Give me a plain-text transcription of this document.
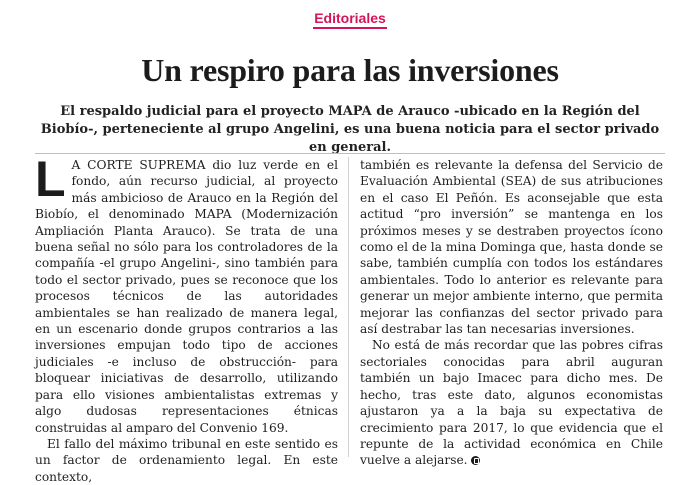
Editoriales
Un respiro para las inversiones
El respaldo judicial para el proyecto MAPA de Arauco -ubicado en la Región del Biobío-, perteneciente al grupo Angelini, es una buena noticia para el sector privado en general.

L A CORTE SUPREMA dio luz verde en el fondo, aún recurso judicial, al proyecto más ambicioso de Arauco en la Región del Biobío, el denominado MAPA (Modernización Ampliación Planta Arauco). Se trata de una buena señal no sólo para los controladores de la compañía -el grupo Angelini-, sino también para todo el sector privado, pues se reconoce que los procesos técnicos de las autoridades ambientales se han realizado de manera legal, en un escenario donde grupos contrarios a las inversiones empujan todo tipo de acciones judiciales -e incluso de obstrucción- para bloquear iniciativas de desarrollo, utilizando para ello visiones ambientalistas extremas y algo dudosas representaciones étnicas construidas al amparo del Convenio 169.

El fallo del máximo tribunal en este sentido es un factor de ordenamiento legal. En este contexto,

también es relevante la defensa del Servicio de Evaluación Ambiental (SEA) de sus atribuciones en el caso El Peñón. Es aconsejable que esta actitud “pro inversión” se mantenga en los próximos meses y se destraben proyectos ícono como el de la mina Dominga que, hasta donde se sabe, también cumplía con todos los estándares ambientales. Todo lo anterior es relevante para generar un mejor ambiente interno, que permita mejorar las confianzas del sector privado para así destrabar las tan necesarias inversiones.

No está de más recordar que las pobres cifras sectoriales conocidas para abril auguran también un bajo Imacec para dicho mes. De hecho, tras este dato, algunos economistas ajustaron ya a la baja su expectativa de crecimiento para 2017, lo que evidencia que el repunte de la actividad económica en Chile vuelve a alejarse.
